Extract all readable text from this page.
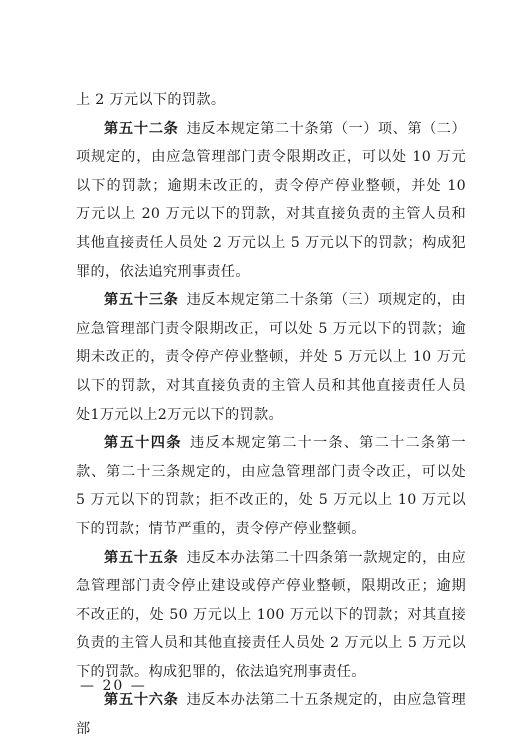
上 2 万元以下的罚款。

第五十二条 违反本规定第二十条第（一）项、第（二）项规定的，由应急管理部门责令限期改正，可以处 10 万元以下的罚款；逾期未改正的，责令停产停业整顿，并处 10 万元以上 20 万元以下的罚款，对其直接负责的主管人员和其他直接责任人员处 2 万元以上 5 万元以下的罚款；构成犯罪的，依法追究刑事责任。

第五十三条 违反本规定第二十条第（三）项规定的，由应急管理部门责令限期改正，可以处 5 万元以下的罚款；逾期未改正的，责令停产停业整顿，并处 5 万元以上 10 万元以下的罚款，对其直接负责的主管人员和其他直接责任人员处1万元以上2万元以下的罚款。

第五十四条 违反本规定第二十一条、第二十二条第一款、第二十三条规定的，由应急管理部门责令改正，可以处 5 万元以下的罚款；拒不改正的，处 5 万元以上 10 万元以下的罚款；情节严重的，责令停产停业整顿。

第五十五条 违反本办法第二十四条第一款规定的，由应急管理部门责令停止建设或停产停业整顿，限期改正；逾期不改正的，处 50 万元以上 100 万元以下的罚款；对其直接负责的主管人员和其他直接责任人员处 2 万元以上 5 万元以下的罚款。构成犯罪的，依法追究刑事责任。

第五十六条 违反本办法第二十五条规定的，由应急管理部

— 20 —
